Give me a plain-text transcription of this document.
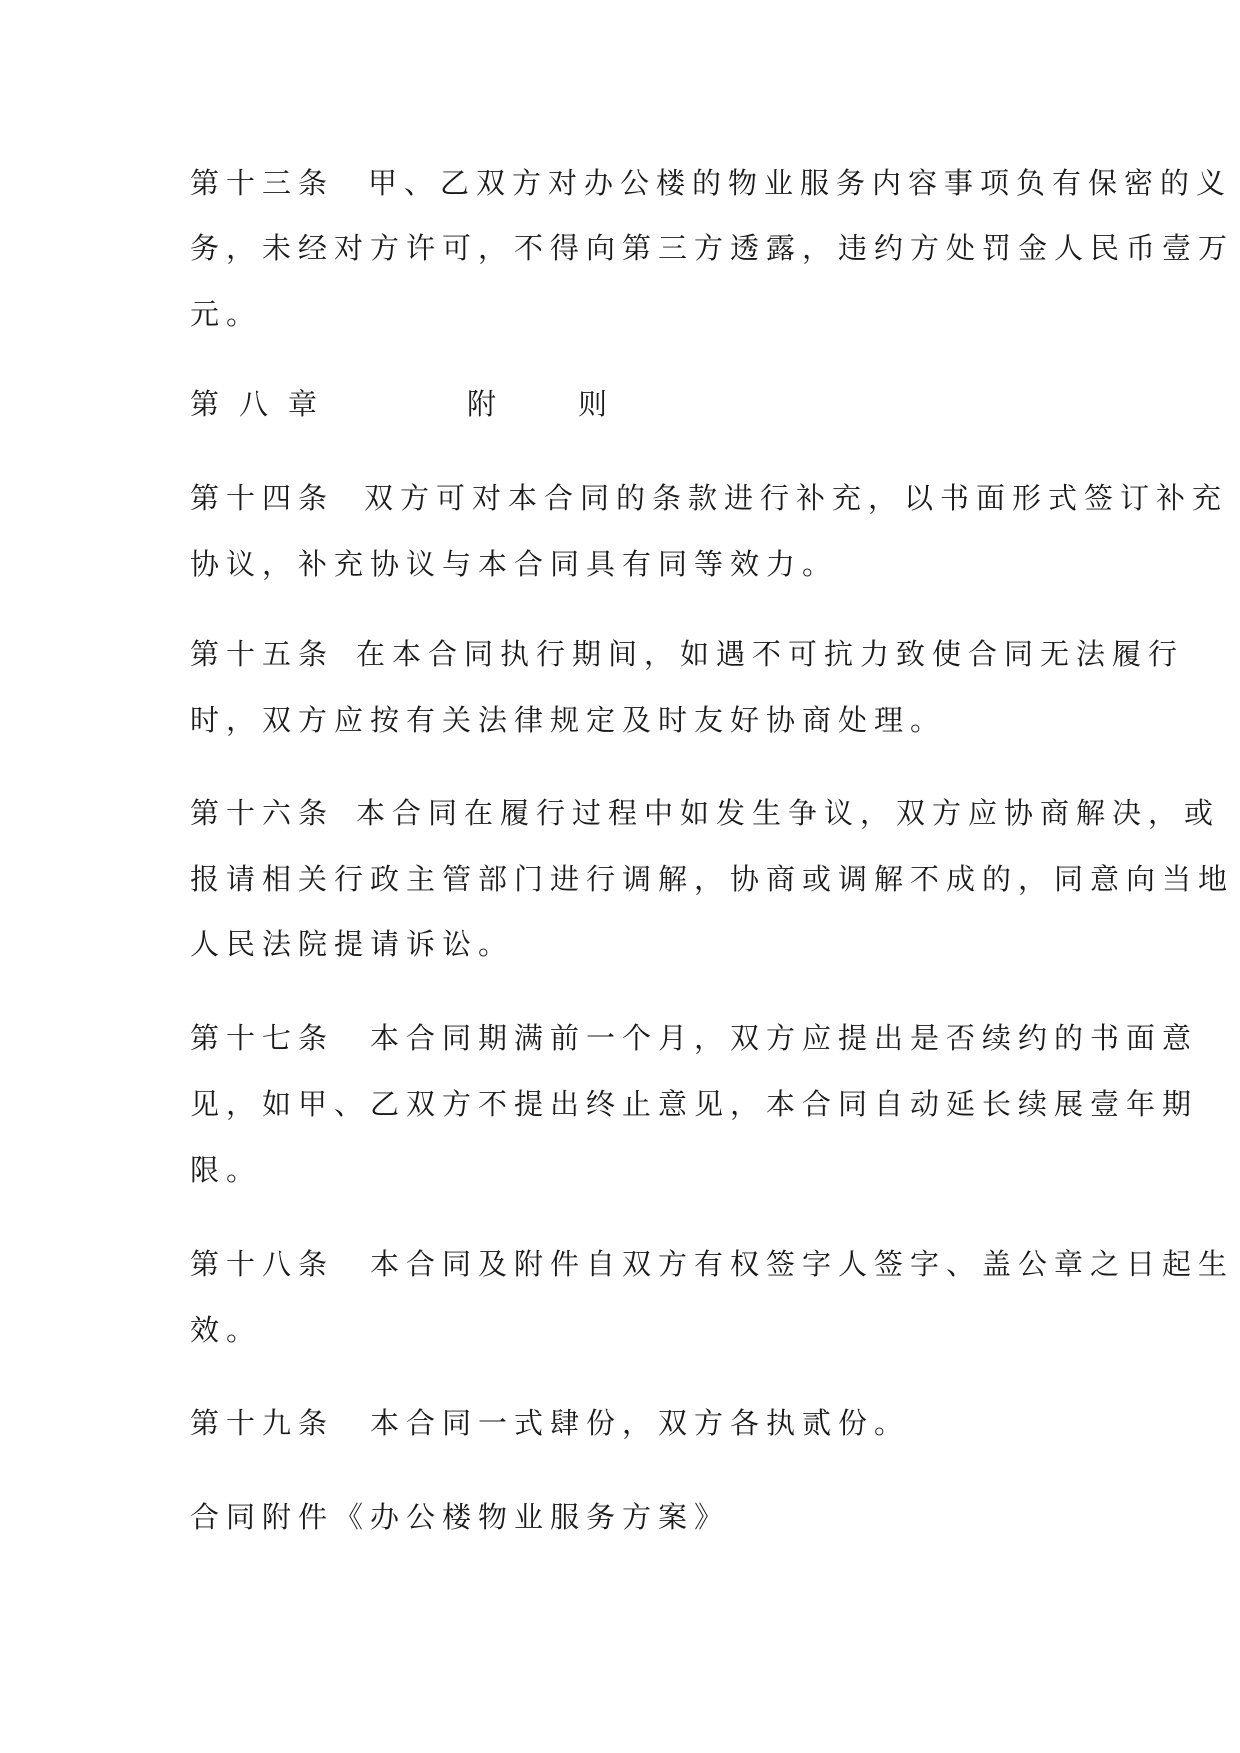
第十三条 甲、乙双方对办公楼的物业服务内容事项负有保密的义
务，未经对方许可，不得向第三方透露，违约方处罚金人民币壹万
元。
第八章	附则
第十四条 双方可对本合同的条款进行补充，以书面形式签订补充
协议，补充协议与本合同具有同等效力。
第十五条 在本合同执行期间，如遇不可抗力致使合同无法履行
时，双方应按有关法律规定及时友好协商处理。
第十六条 本合同在履行过程中如发生争议，双方应协商解决，或
报请相关行政主管部门进行调解，协商或调解不成的，同意向当地
人民法院提请诉讼。
第十七条 本合同期满前一个月，双方应提出是否续约的书面意
见，如甲、乙双方不提出终止意见，本合同自动延长续展壹年期
限。
第十八条 本合同及附件自双方有权签字人签字、盖公章之日起生
效。
第十九条 本合同一式肆份，双方各执贰份。
合同附件《办公楼物业服务方案》
